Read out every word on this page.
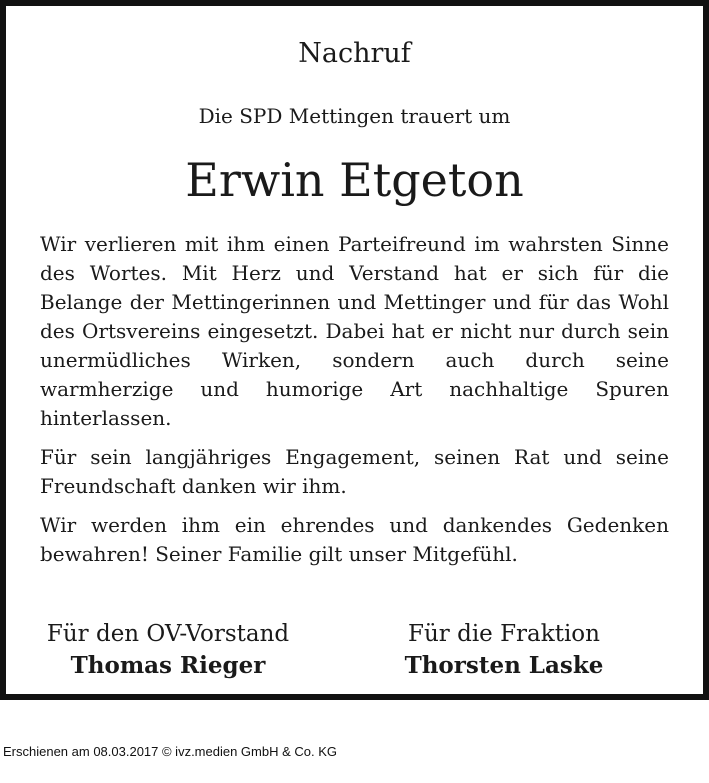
Nachruf
Die SPD Mettingen trauert um
Erwin Etgeton

Wir verlieren mit ihm einen Parteifreund im wahrsten Sinne des Wortes. Mit Herz und Verstand hat er sich für die Belange der Mettingerinnen und Mettinger und für das Wohl des Ortsvereins eingesetzt. Dabei hat er nicht nur durch sein unermüdliches Wirken, sondern auch durch seine warmherzige und humorige Art nachhaltige Spuren hinterlassen.

Für sein langjähriges Engagement, seinen Rat und seine Freundschaft danken wir ihm.

Wir werden ihm ein ehrendes und dankendes Gedenken bewahren! Seiner Familie gilt unser Mitgefühl.

Für den OV-Vorstand
Thomas Rieger
Für die Fraktion
Thorsten Laske
Erschienen am 08.03.2017 © ivz.medien GmbH & Co. KG
